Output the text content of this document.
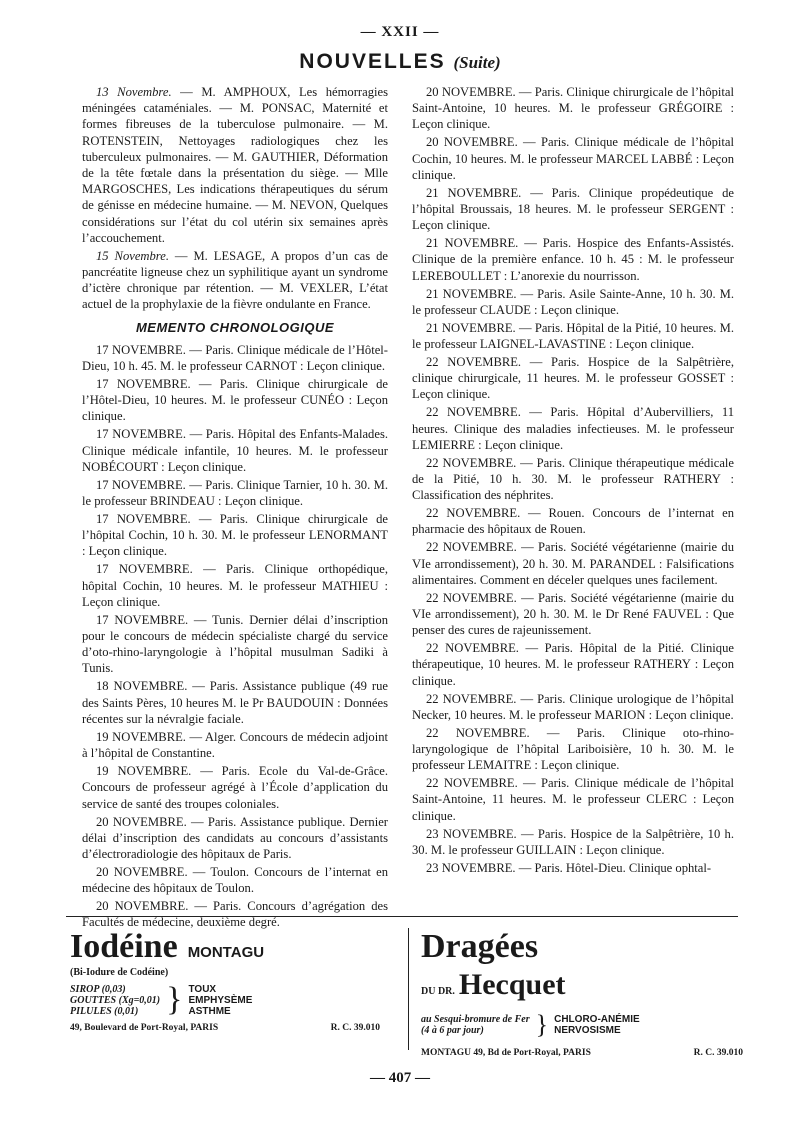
— XXII —
NOUVELLES (Suite)

13 Novembre. — M. AMPHOUX, Les hémorragies méningées cataméniales. — M. PONSAC, Maternité et formes fibreuses de la tuberculose pulmonaire. — M. ROTENSTEIN, Nettoyages radiologiques chez les tuberculeux pulmonaires. — M. GAUTHIER, Déformation de la tête fœtale dans la présentation du siège. — Mlle MARGOSCHES, Les indications thérapeutiques du sérum de génisse en médecine humaine. — M. NEVON, Quelques considérations sur l’état du col utérin six semaines après l’accouchement.

15 Novembre. — M. LESAGE, A propos d’un cas de pancréatite ligneuse chez un syphilitique ayant un syndrome d’ictère chronique par rétention. — M. VEXLER, L’état actuel de la prophylaxie de la fièvre ondulante en France.

MEMENTO CHRONOLOGIQUE

17 NOVEMBRE. — Paris. Clinique médicale de l’Hôtel-Dieu, 10 h. 45. M. le professeur CARNOT : Leçon clinique.

17 NOVEMBRE. — Paris. Clinique chirurgicale de l’Hôtel-Dieu, 10 heures. M. le professeur CUNÉO : Leçon clinique.

17 NOVEMBRE. — Paris. Hôpital des Enfants-Malades. Clinique médicale infantile, 10 heures. M. le professeur NOBÉCOURT : Leçon clinique.

17 NOVEMBRE. — Paris. Clinique Tarnier, 10 h. 30. M. le professeur BRINDEAU : Leçon clinique.

17 NOVEMBRE. — Paris. Clinique chirurgicale de l’hôpital Cochin, 10 h. 30. M. le professeur LENORMANT : Leçon clinique.

17 NOVEMBRE. — Paris. Clinique orthopédique, hôpital Cochin, 10 heures. M. le professeur MATHIEU : Leçon clinique.

17 NOVEMBRE. — Tunis. Dernier délai d’inscription pour le concours de médecin spécialiste chargé du service d’oto-rhino-laryngologie à l’hôpital musulman Sadiki à Tunis.

18 NOVEMBRE. — Paris. Assistance publique (49 rue des Saints Pères, 10 heures M. le Pr BAUDOUIN : Données récentes sur la névralgie faciale.

19 NOVEMBRE. — Alger. Concours de médecin adjoint à l’hôpital de Constantine.

19 NOVEMBRE. — Paris. Ecole du Val-de-Grâce. Concours de professeur agrégé à l’École d’application du service de santé des troupes coloniales.

20 NOVEMBRE. — Paris. Assistance publique. Dernier délai d’inscription des candidats au concours d’assistants d’électroradiologie des hôpitaux de Paris.

20 NOVEMBRE. — Toulon. Concours de l’internat en médecine des hôpitaux de Toulon.

20 NOVEMBRE. — Paris. Concours d’agrégation des Facultés de médecine, deuxième degré.

20 NOVEMBRE. — Paris. Clinique chirurgicale de l’hôpital Saint-Antoine, 10 heures. M. le professeur GRÉGOIRE : Leçon clinique.

20 NOVEMBRE. — Paris. Clinique médicale de l’hôpital Cochin, 10 heures. M. le professeur MARCEL LABBÉ : Leçon clinique.

21 NOVEMBRE. — Paris. Clinique propédeutique de l’hôpital Broussais, 18 heures. M. le professeur SERGENT : Leçon clinique.

21 NOVEMBRE. — Paris. Hospice des Enfants-Assistés. Clinique de la première enfance. 10 h. 45 : M. le professeur LEREBOULLET : L’anorexie du nourrisson.

21 NOVEMBRE. — Paris. Asile Sainte-Anne, 10 h. 30. M. le professeur CLAUDE : Leçon clinique.

21 NOVEMBRE. — Paris. Hôpital de la Pitié, 10 heures. M. le professeur LAIGNEL-LAVASTINE : Leçon clinique.

22 NOVEMBRE. — Paris. Hospice de la Salpêtrière, clinique chirurgicale, 11 heures. M. le professeur GOSSET : Leçon clinique.

22 NOVEMBRE. — Paris. Hôpital d’Aubervilliers, 11 heures. Clinique des maladies infectieuses. M. le professeur LEMIERRE : Leçon clinique.

22 NOVEMBRE. — Paris. Clinique thérapeutique médicale de la Pitié, 10 h. 30. M. le professeur RATHERY : Classification des néphrites.

22 NOVEMBRE. — Rouen. Concours de l’internat en pharmacie des hôpitaux de Rouen.

22 NOVEMBRE. — Paris. Société végétarienne (mairie du VIe arrondissement), 20 h. 30. M. PARANDEL : Falsifications alimentaires. Comment en déceler quelques unes facilement.

22 NOVEMBRE. — Paris. Société végétarienne (mairie du VIe arrondissement), 20 h. 30. M. le Dr René FAUVEL : Que penser des cures de rajeunissement.

22 NOVEMBRE. — Paris. Hôpital de la Pitié. Clinique thérapeutique, 10 heures. M. le professeur RATHERY : Leçon clinique.

22 NOVEMBRE. — Paris. Clinique urologique de l’hôpital Necker, 10 heures. M. le professeur MARION : Leçon clinique.

22 NOVEMBRE. — Paris. Clinique oto-rhino-laryngologique de l’hôpital Lariboisière, 10 h. 30. M. le professeur LEMAITRE : Leçon clinique.

22 NOVEMBRE. — Paris. Clinique médicale de l’hôpital Saint-Antoine, 11 heures. M. le professeur CLERC : Leçon clinique.

23 NOVEMBRE. — Paris. Hospice de la Salpêtrière, 10 h. 30. M. le professeur GUILLAIN : Leçon clinique.

23 NOVEMBRE. — Paris. Hôtel-Dieu. Clinique ophtal-

Iodéine MONTAGU
(Bi-Iodure de Codéine)
SIROP (0,03)
GOUTTES (Xg=0,01)
PILULES (0,01) } TOUX
EMPHYSÈME
ASTHME
49, Boulevard de Port-Royal, PARIS	R. C. 39.010
Dragées
DU DR. Hecquet
au Sesqui-bromure de Fer
(4 à 6 par jour)	} CHLORO-ANÉMIE
NERVOSISME
MONTAGU 49, Bd de Port-Royal, PARIS	R. C. 39.010
— 407 —
